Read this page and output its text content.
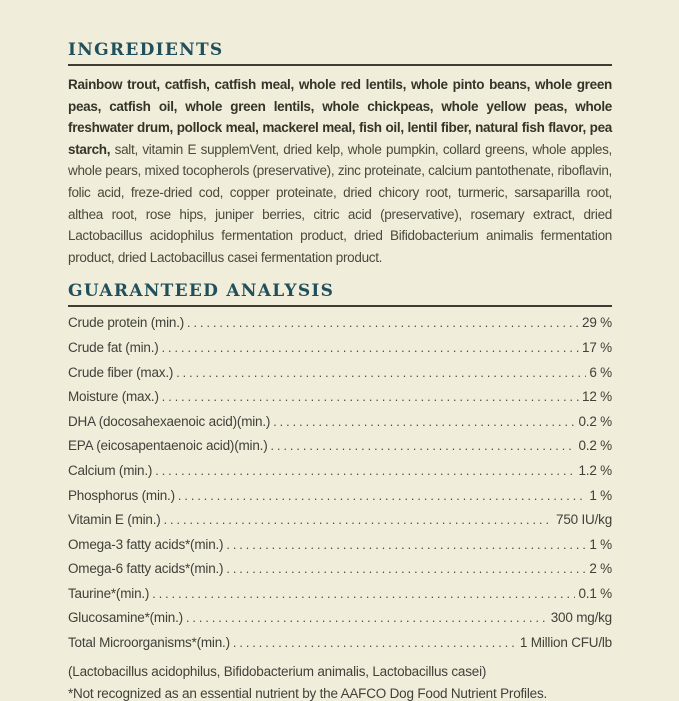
INGREDIENTS

Rainbow trout, catfish, catfish meal, whole red lentils, whole pinto beans, whole green peas, catfish oil, whole green lentils, whole chickpeas, whole yellow peas, whole freshwater drum, pollock meal, mackerel meal, fish oil, lentil fiber, natural fish flavor, pea starch, salt, vitamin E supplemVent, dried kelp, whole pumpkin, collard greens, whole apples, whole pears, mixed tocopherols (preservative), zinc proteinate, calcium pantothenate, riboflavin, folic acid, freze-dried cod, copper proteinate, dried chicory root, turmeric, sarsaparilla root, althea root, rose hips, juniper berries, citric acid (preservative), rosemary extract, dried Lactobacillus acidophilus fermentation product, dried Bifidobacterium animalis fermentation product, dried Lactobacillus casei fermentation product.

GUARANTEED ANALYSIS
Crude protein (min.) .....	29 %
Crude fat (min.) .....	17 %
Crude fiber (max.) .....	6 %
Moisture (max.) .....	12 %
DHA (docosahexaenoic acid)(min.) .....	0.2 %
EPA (eicosapentaenoic acid)(min.) .....	0.2 %
Calcium (min.) .....	1.2 %
Phosphorus (min.) .....	1 %
Vitamin E (min.) .....	750 IU/kg
Omega-3 fatty acids*(min.) .....	1 %
Omega-6 fatty acids*(min.) .....	2 %
Taurine*(min.) .....	0.1 %
Glucosamine*(min.) .....	300 mg/kg
Total Microorganisms*(min.) .....	1 Million CFU/lb

(Lactobacillus acidophilus, Bifidobacterium animalis, Lactobacillus casei)

*Not recognized as an essential nutrient by the AAFCO Dog Food Nutrient Profiles.
